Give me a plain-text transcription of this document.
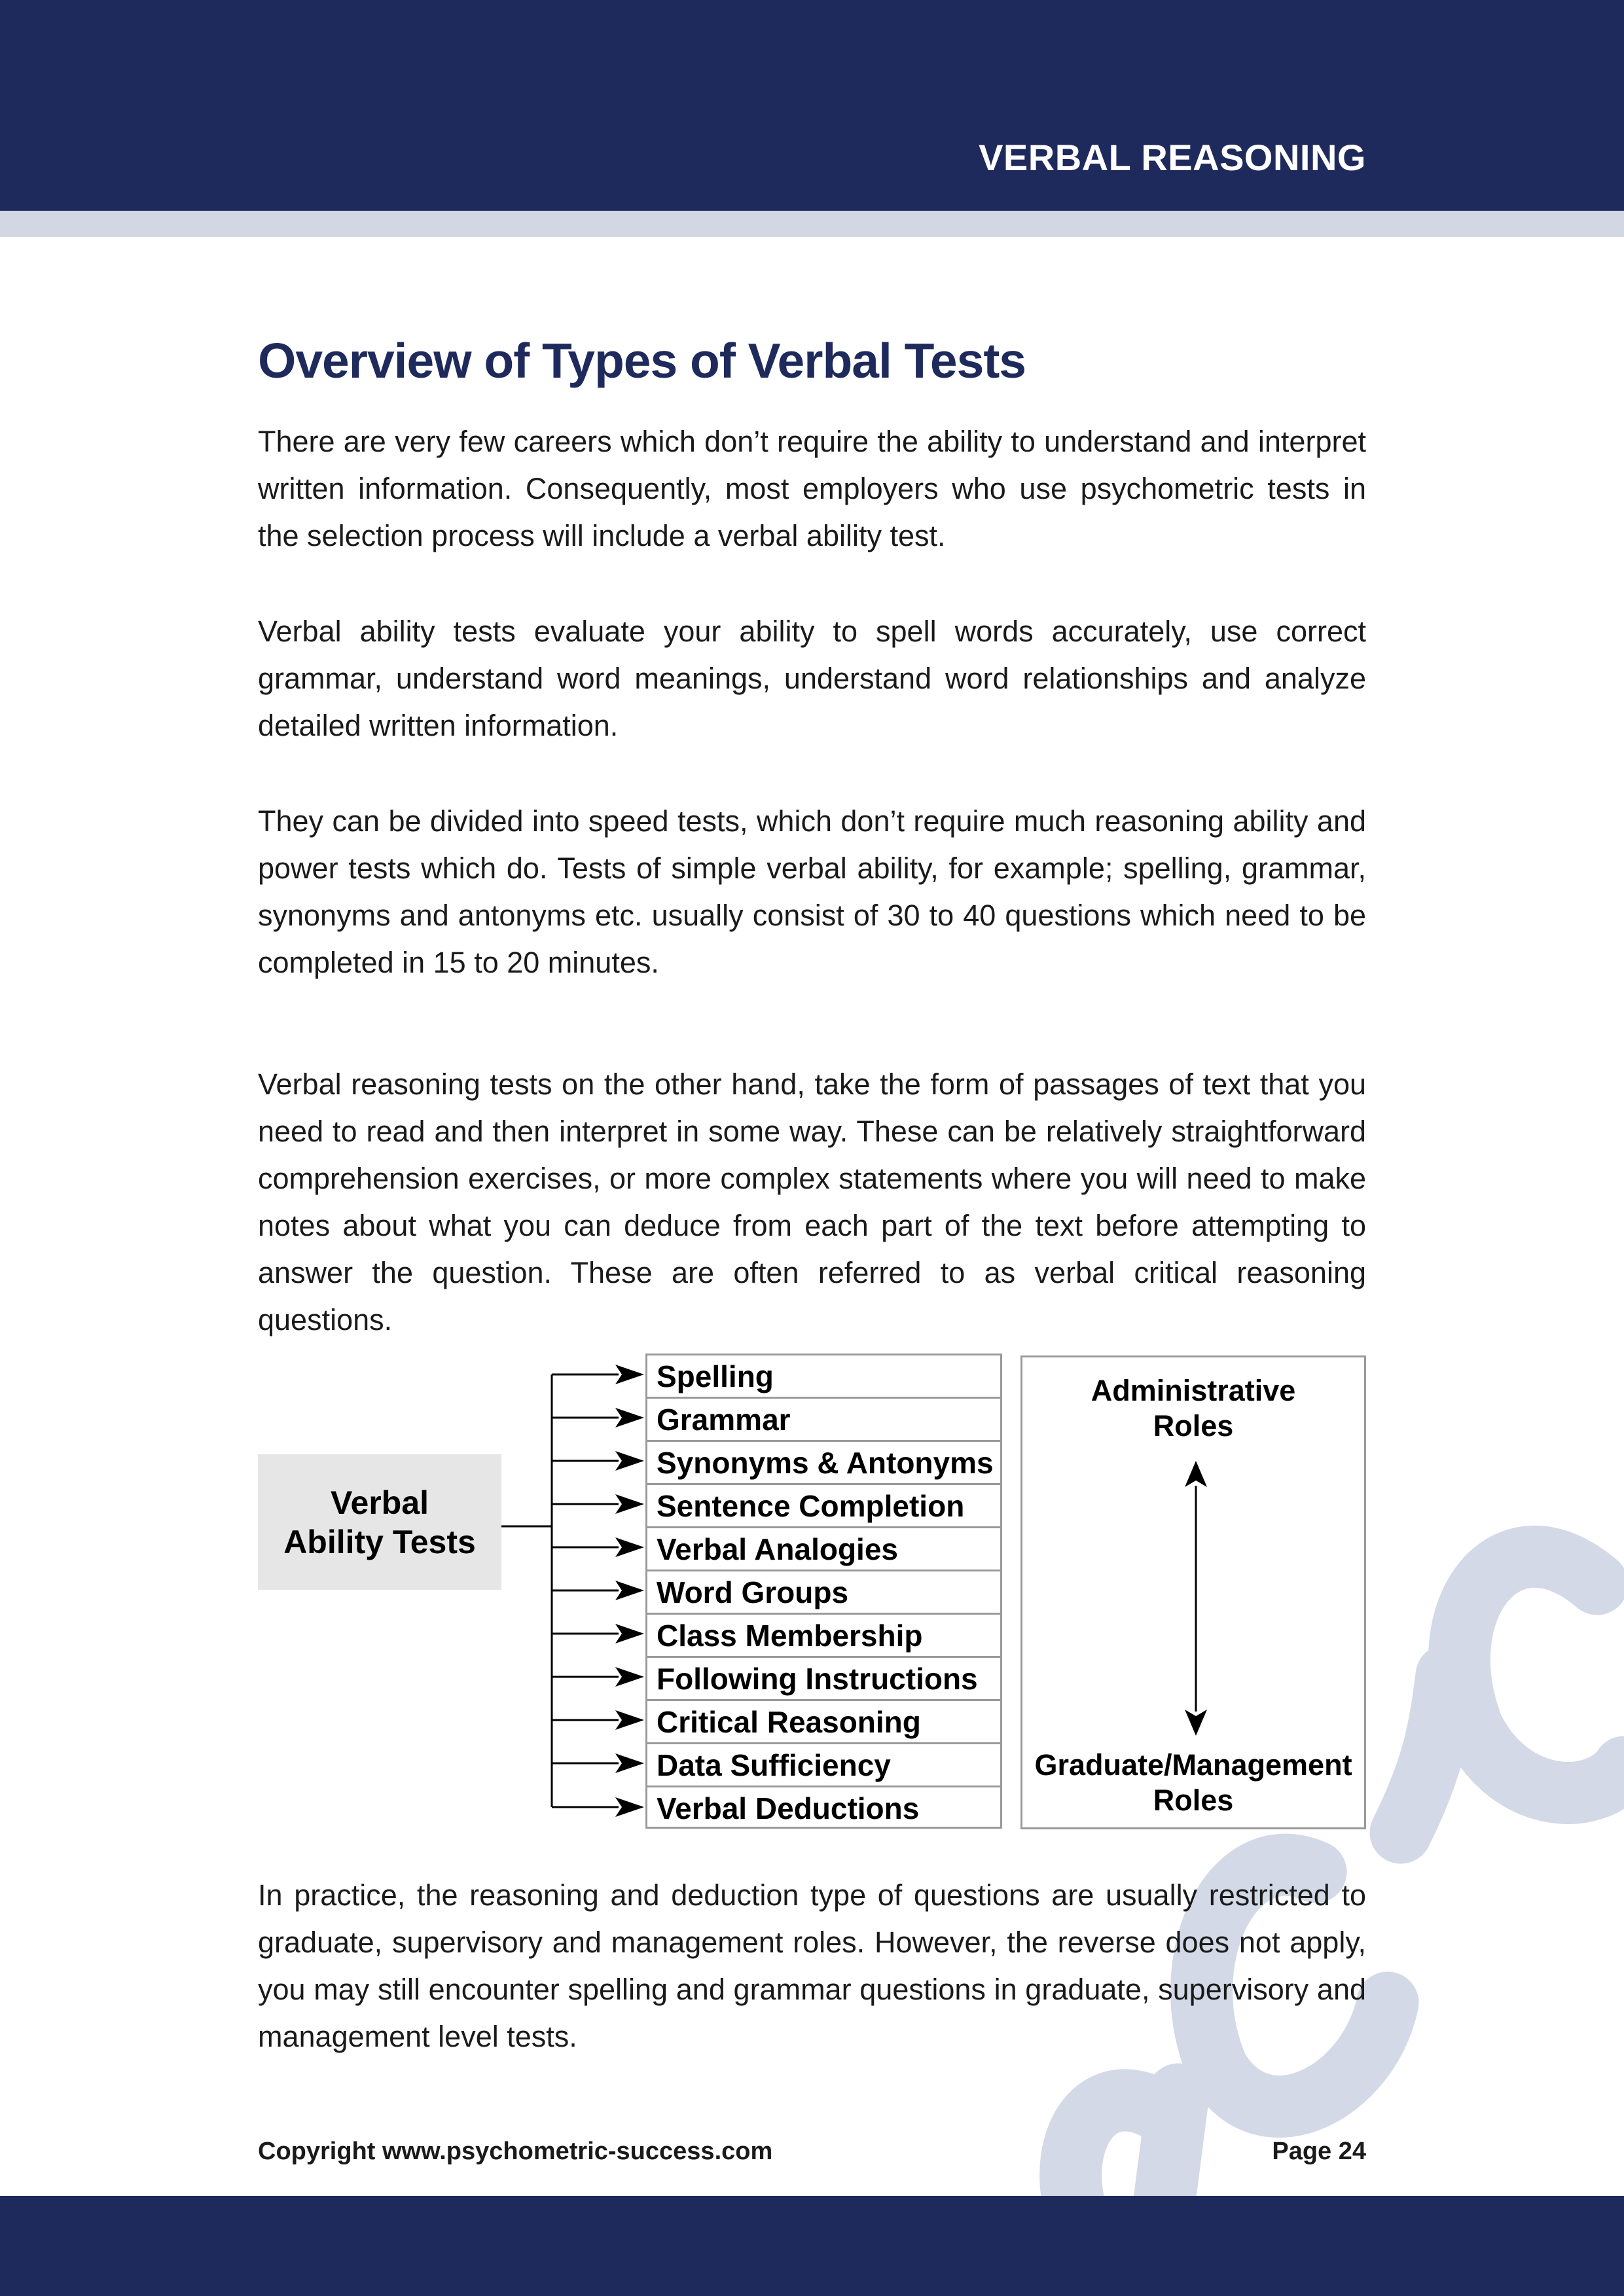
VERBAL REASONING
Overview of Types of Verbal Tests

There are very few careers which don’t require the ability to understand and interpret written information. Consequently, most employers who use psychometric tests in the selection process will include a verbal ability test.

Verbal ability tests evaluate your ability to spell words accurately, use correct grammar, understand word meanings, understand word relationships and analyze detailed written information.

They can be divided into speed tests, which don’t require much reasoning ability and power tests which do. Tests of simple verbal ability, for example; spelling, grammar, synonyms and antonyms etc. usually consist of 30 to 40 questions which need to be completed in 15 to 20 minutes.

Verbal reasoning tests on the other hand, take the form of passages of text that you need to read and then interpret in some way. These can be relatively straightforward comprehension exercises, or more complex statements where you will need to make notes about what you can deduce from each part of the text before attempting to answer the question. These are often referred to as verbal critical reasoning questions.

Verbal
Ability Tests
Spelling
Grammar
Synonyms & Antonyms
Sentence Completion
Verbal Analogies
Word Groups
Class Membership
Following Instructions
Critical Reasoning
Data Sufficiency
Verbal Deductions
Administrative
Roles
Graduate/Management
Roles

In practice, the reasoning and deduction type of questions are usually restricted to graduate, supervisory and management roles. However, the reverse does not apply, you may still encounter spelling and grammar questions in graduate, supervisory and management level tests.

Copyright www.psychometric-success.com	Page 24
